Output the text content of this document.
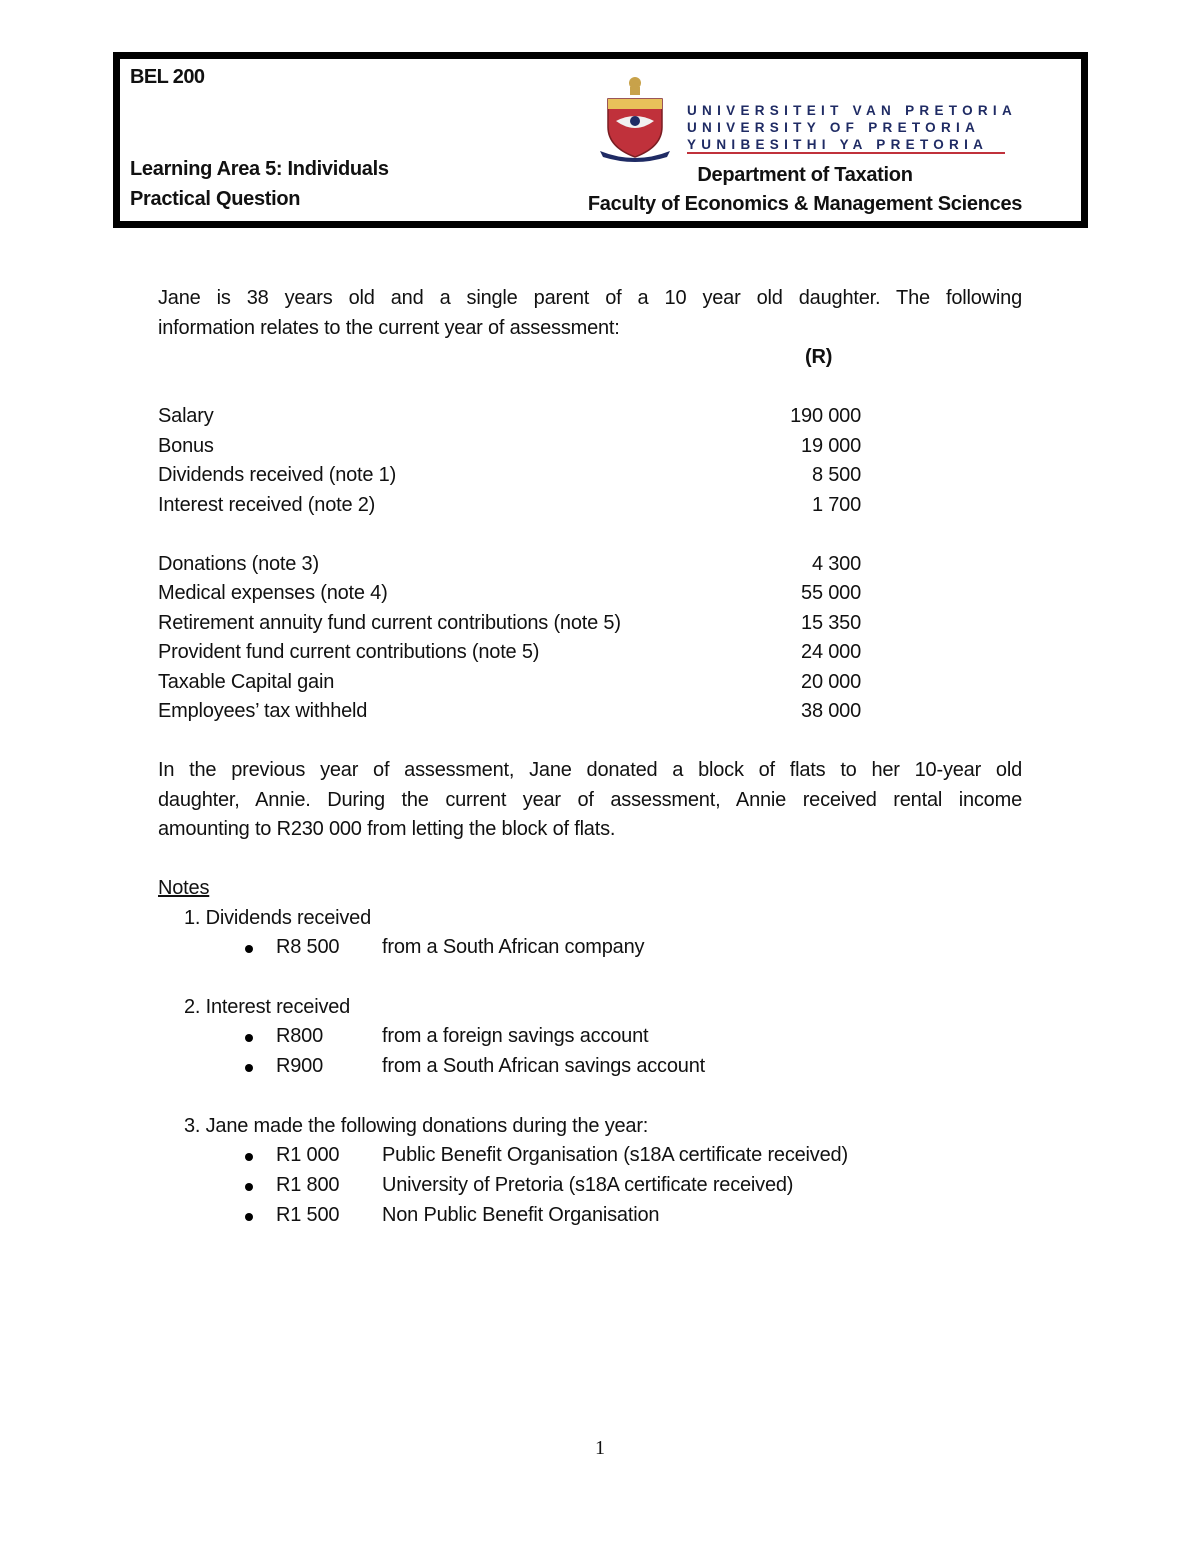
BEL 200
Learning Area 5: Individuals
Practical Question
UNIVERSITEIT VAN PRETORIA
UNIVERSITY OF PRETORIA
YUNIBESITHI YA PRETORIA
Department of Taxation
Faculty of Economics & Management Sciences
Jane is 38 years old and a single parent of a 10 year old daughter. The following
information relates to the current year of assessment:
(R)
Salary	190 000
Bonus	19 000
Dividends received (note 1)	8 500
Interest received (note 2)	1 700
Donations (note 3)	4 300
Medical expenses (note 4)	55 000
Retirement annuity fund current contributions (note 5)	15 350
Provident fund current contributions (note 5)	24 000
Taxable Capital gain	20 000
Employees’ tax withheld	38 000
In the previous year of assessment, Jane donated a block of flats to her 10-year old
daughter, Annie. During the current year of assessment, Annie received rental income
amounting to R230 000 from letting the block of flats.
Notes
1. Dividends received
R8 500 from a South African company
2. Interest received
R800	from a foreign savings account
R900	from a South African savings account
3. Jane made the following donations during the year:
R1 000 Public Benefit Organisation (s18A certificate received)
R1 800 University of Pretoria (s18A certificate received)
R1 500 Non Public Benefit Organisation
1
